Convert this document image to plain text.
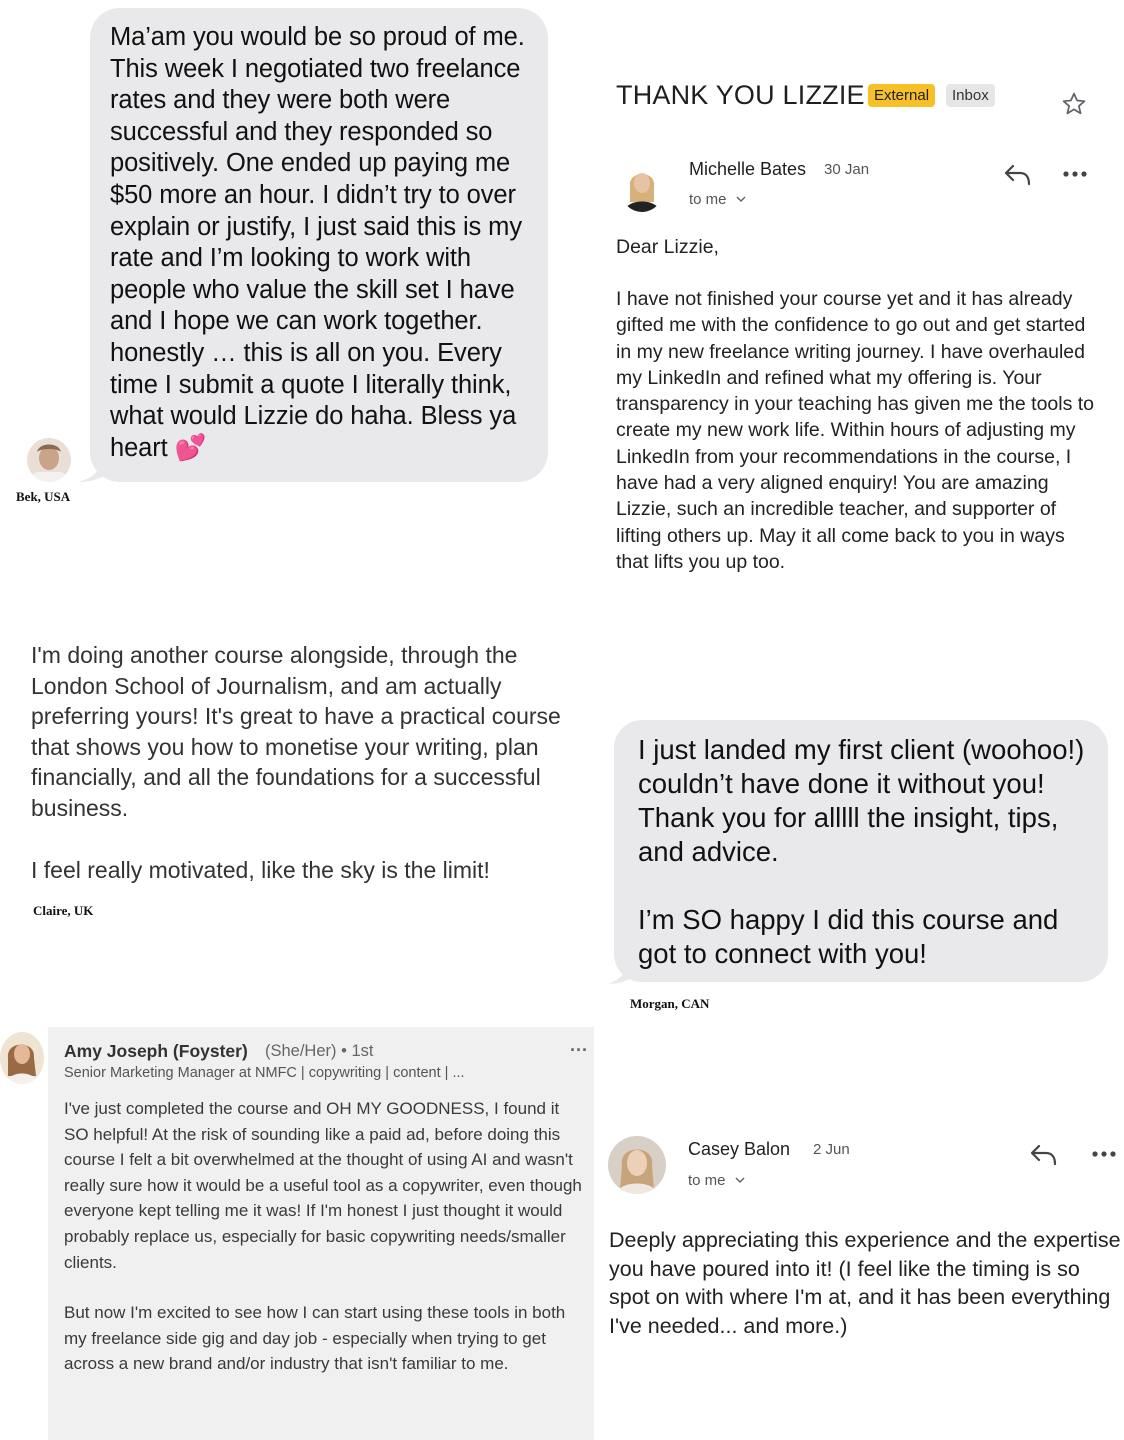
Ma’am you would be so proud of me. This week I negotiated two freelance rates and they were both were successful and they responded so positively. One ended up paying me $50 more an hour. I didn’t try to over explain or justify, I just said this is my rate and I’m looking to work with people who value the skill set I have and I hope we can work together. honestly … this is all on you. Every time I submit a quote I literally think, what would Lizzie do haha. Bless ya heart 💕
Bek, USA
THANK YOU LIZZIE External	Inbox
Michelle Bates 30 Jan
to me
Dear Lizzie,
I have not finished your course yet and it has already gifted me with the confidence to go out and get started in my new freelance writing journey. I have overhauled my LinkedIn and refined what my offering is. Your transparency in your teaching has given me the tools to create my new work life. Within hours of adjusting my LinkedIn from your recommendations in the course, I have had a very aligned enquiry! You are amazing Lizzie, such an incredible teacher, and supporter of lifting others up. May it all come back to you in ways that lifts you up too.
I'm doing another course alongside, through the London School of Journalism, and am actually preferring yours! It's great to have a practical course that shows you how to monetise your writing, plan financially, and all the foundations for a successful business.
I feel really motivated, like the sky is the limit!
Claire, UK
I just landed my first client (woohoo!) couldn’t have done it without you! Thank you for alllll the insight, tips, and advice.
I’m SO happy I did this course and got to connect with you!
Morgan, CAN
Amy Joseph (Foyster) (She/Her) • 1st
Senior Marketing Manager at NMFC | copywriting | content | ...
...
I've just completed the course and OH MY GOODNESS, I found it SO helpful! At the risk of sounding like a paid ad, before doing this course I felt a bit overwhelmed at the thought of using AI and wasn't really sure how it would be a useful tool as a copywriter, even though everyone kept telling me it was! If I'm honest I just thought it would probably replace us, especially for basic copywriting needs/smaller clients.
But now I'm excited to see how I can start using these tools in both my freelance side gig and day job - especially when trying to get across a new brand and/or industry that isn't familiar to me.
Casey Balon 2 Jun
to me
Deeply appreciating this experience and the expertise you have poured into it! (I feel like the timing is so spot on with where I'm at, and it has been everything I've needed... and more.)
